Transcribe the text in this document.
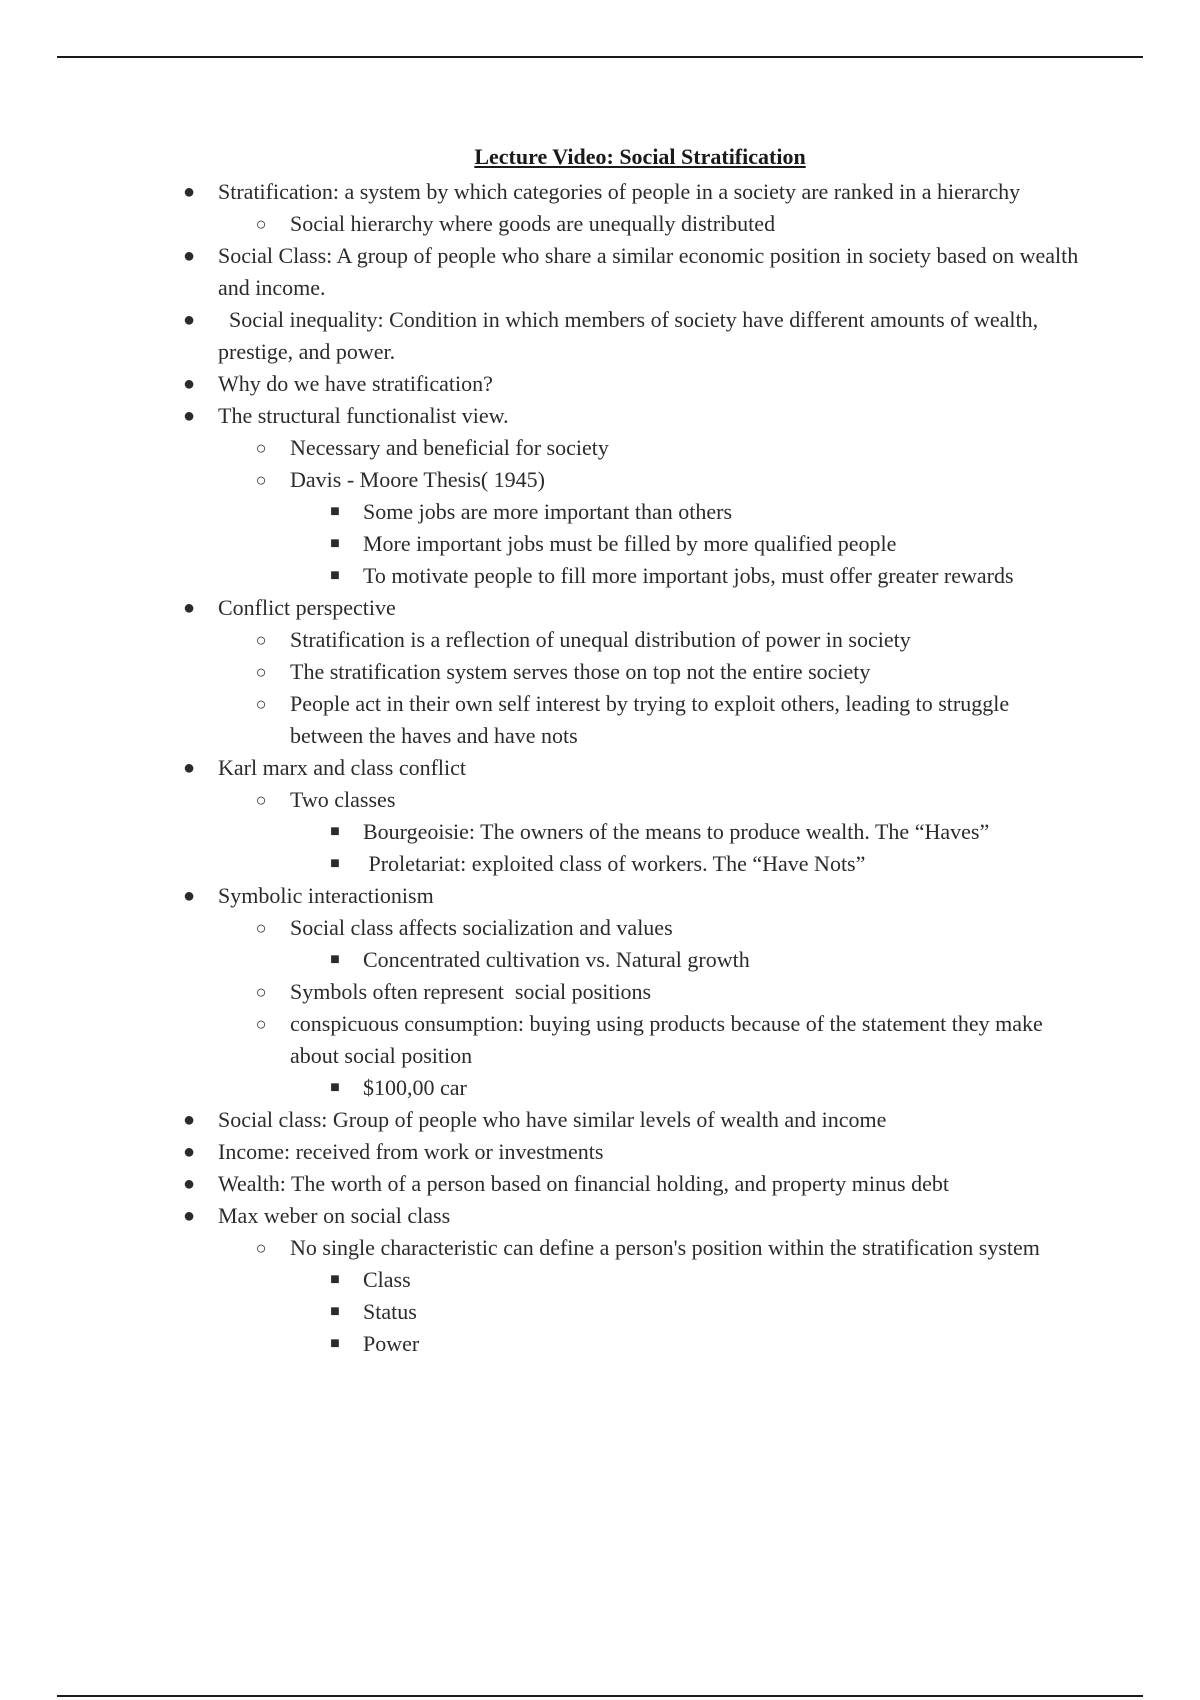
Lecture Video: Social Stratification
● Stratification: a system by which categories of people in a society are ranked in a hierarchy
○ Social hierarchy where goods are unequally distributed
● Social Class: A group of people who share a similar economic position in society based on wealth and income.
● Social inequality: Condition in which members of society have different amounts of wealth, prestige, and power.
● Why do we have stratification?
● The structural functionalist view.
○ Necessary and beneficial for society
○ Davis - Moore Thesis( 1945)
■ Some jobs are more important than others
■ More important jobs must be filled by more qualified people
■ To motivate people to fill more important jobs, must offer greater rewards
● Conflict perspective
○ Stratification is a reflection of unequal distribution of power in society
○ The stratification system serves those on top not the entire society
○ People act in their own self interest by trying to exploit others, leading to struggle between the haves and have nots
● Karl marx and class conflict
○ Two classes
■ Bourgeoisie: The owners of the means to produce wealth. The “Haves”
■ Proletariat: exploited class of workers. The “Have Nots”
● Symbolic interactionism
○ Social class affects socialization and values
■ Concentrated cultivation vs. Natural growth
○ Symbols often represent  social positions
○ conspicuous consumption: buying using products because of the statement they make about social position
■ $100,00 car
● Social class: Group of people who have similar levels of wealth and income
● Income: received from work or investments
● Wealth: The worth of a person based on financial holding, and property minus debt
● Max weber on social class
○ No single characteristic can define a person's position within the stratification system
■ Class
■ Status
■ Power
